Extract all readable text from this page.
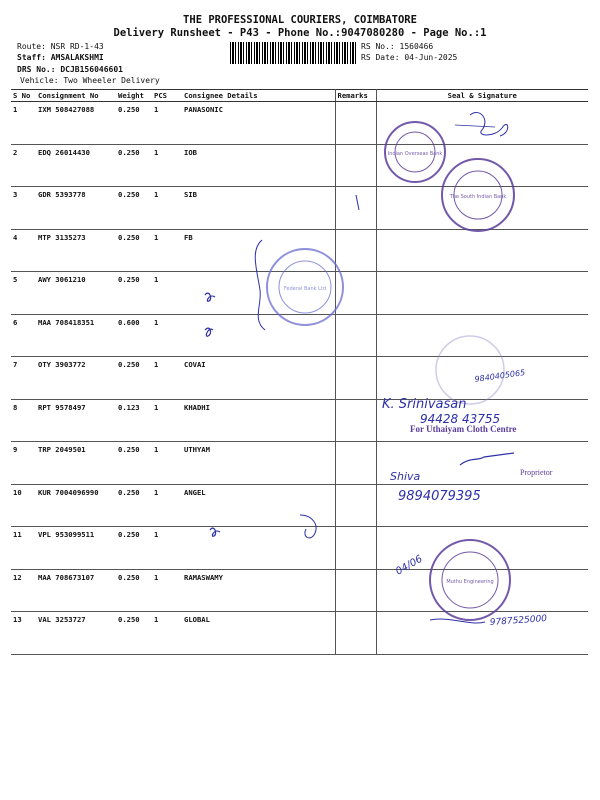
THE PROFESSIONAL COURIERS, COIMBATORE
Delivery Runsheet - P43 - Phone No.:9047080280 - Page No.:1
Route: NSR RD-1-43
Staff: AMSALAKSHMI
DRS No.: DCJB156046601
Vehicle: Two Wheeler Delivery
RS No.: 1560466
RS Date: 04-Jun-2025
S No	Consignment No	Weight	PCS	Consignee Details	Remarks	Seal & Signature
1	IXM 508427088	0.250	1	PANASONIC		
2	EDQ 26014430	0.250	1	IOB		
3	GDR 5393778	0.250	1	SIB		
4	MTP 3135273	0.250	1	FB		
5	AWY 3061210	0.250	1			
6	MAA 708418351	0.600	1			
7	OTY 3903772	0.250	1	COVAI		
8	RPT 9578497	0.123	1	KHADHI		
9	TRP 2049501	0.250	1	UTHYAM		
10	KUR 7004096990	0.250	1	ANGEL		
11	VPL 953099511	0.250	1			
12	MAA 708673107	0.250	1	RAMASWAMY		
13	VAL 3253727	0.250	1	GLOBAL		
Indian Overseas Bank
The South Indian Bank
Federal Bank Ltd
9840405065
K. Srinivasan
94428 43755
For Uthaiyam Cloth Centre
Proprietor
Shiva
9894079395
Muthu Engineering
04/06
9787525000
